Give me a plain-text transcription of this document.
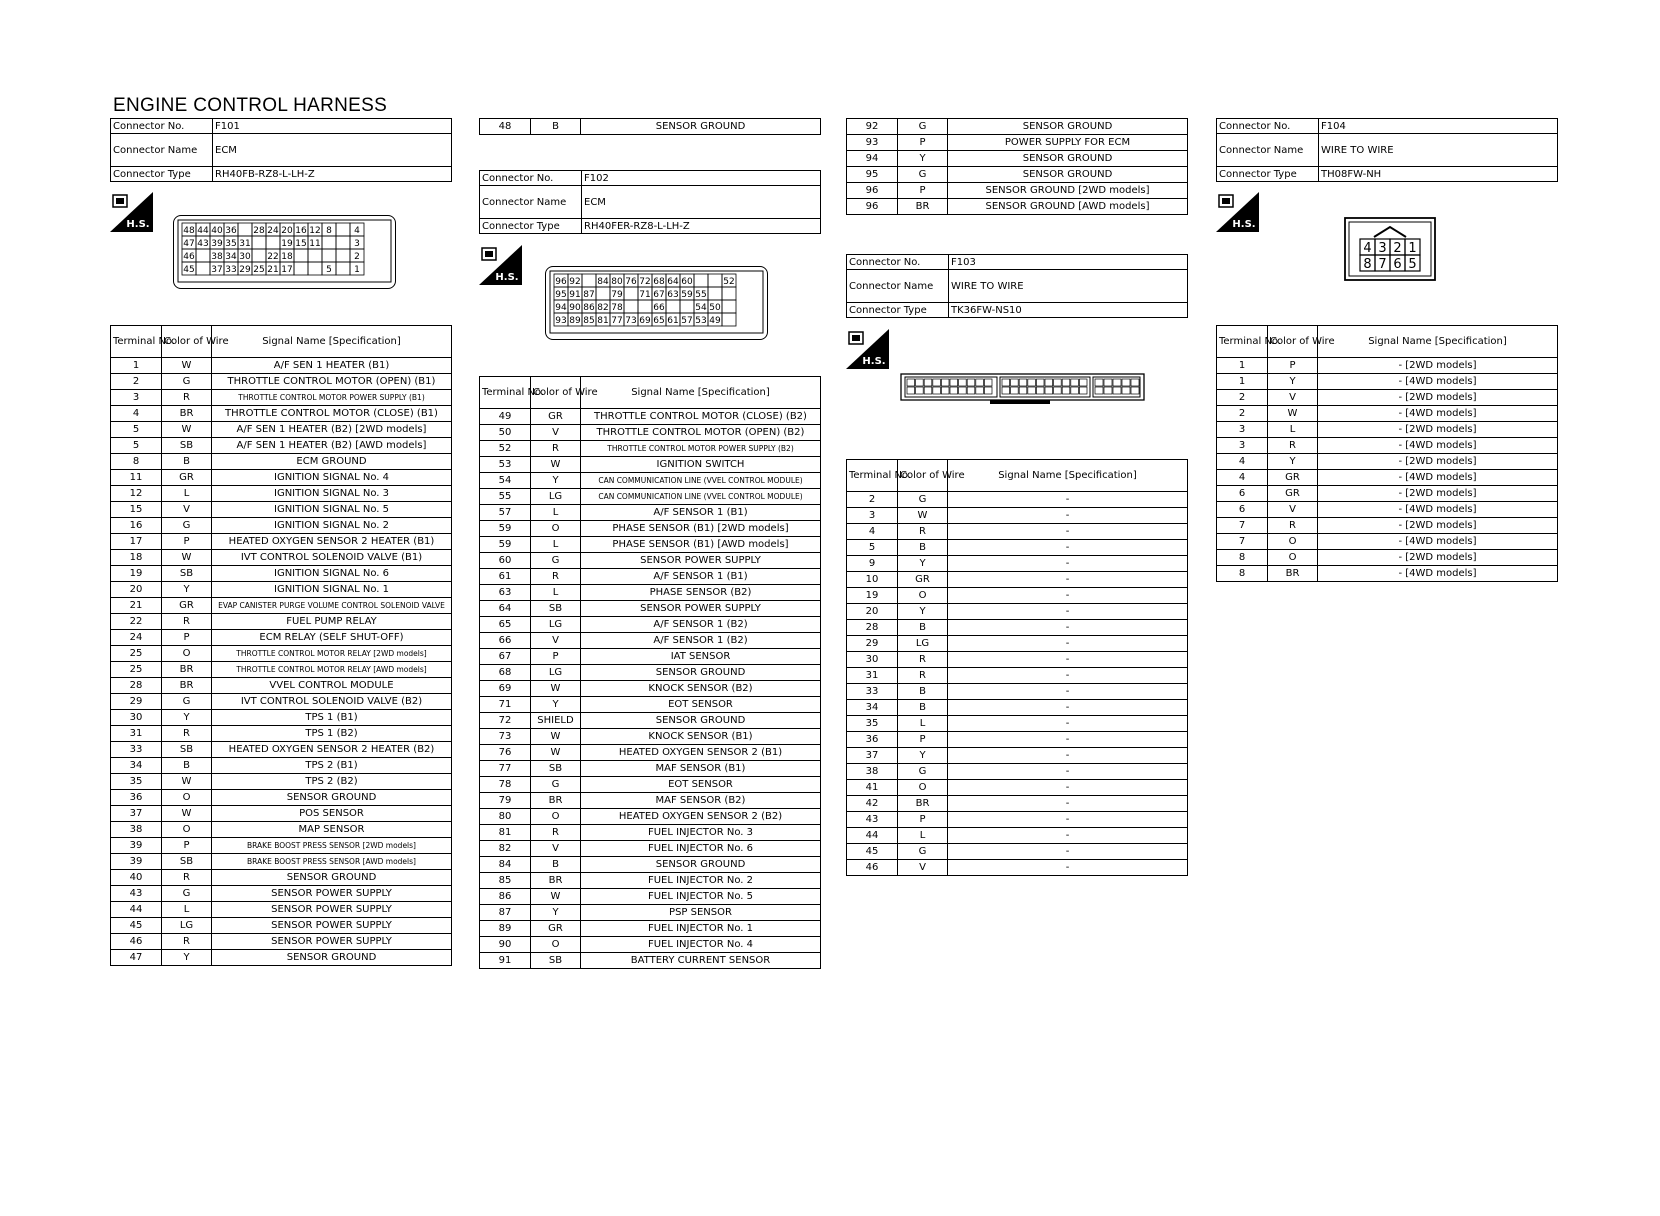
ENGINE CONTROL HARNESS
Connector No.	F101
Connector Name	ECM
Connector Type	RH40FB-RZ8-L-LH-Z
H.S.
48 44 40 36 28 24 20 16 12 8 4
47 43 39 35 31	19 15 11	3
46 38 34 30 22 18	2
45 37 33 29 25 21 17	5 1
Terminal No.	Color of Wire	Signal Name [Specification]
1	W	A/F SEN 1 HEATER (B1)
2	G	THROTTLE CONTROL MOTOR (OPEN) (B1)
3	R	THROTTLE CONTROL MOTOR POWER SUPPLY (B1)
4	BR	THROTTLE CONTROL MOTOR (CLOSE) (B1)
5	W	A/F SEN 1 HEATER (B2) [2WD models]
5	SB	A/F SEN 1 HEATER (B2) [AWD models]
8	B	ECM GROUND
11	GR	IGNITION SIGNAL No. 4
12	L	IGNITION SIGNAL No. 3
15	V	IGNITION SIGNAL No. 5
16	G	IGNITION SIGNAL No. 2
17	P	HEATED OXYGEN SENSOR 2 HEATER (B1)
18	W	IVT CONTROL SOLENOID VALVE (B1)
19	SB	IGNITION SIGNAL No. 6
20	Y	IGNITION SIGNAL No. 1
21	GR	EVAP CANISTER PURGE VOLUME CONTROL SOLENOID VALVE
22	R	FUEL PUMP RELAY
24	P	ECM RELAY (SELF SHUT-OFF)
25	O	THROTTLE CONTROL MOTOR RELAY [2WD models]
25	BR	THROTTLE CONTROL MOTOR RELAY [AWD models]
28	BR	VVEL CONTROL MODULE
29	G	IVT CONTROL SOLENOID VALVE (B2)
30	Y	TPS 1 (B1)
31	R	TPS 1 (B2)
33	SB	HEATED OXYGEN SENSOR 2 HEATER (B2)
34	B	TPS 2 (B1)
35	W	TPS 2 (B2)
36	O	SENSOR GROUND
37	W	POS SENSOR
38	O	MAP SENSOR
39	P	BRAKE BOOST PRESS SENSOR [2WD models]
39	SB	BRAKE BOOST PRESS SENSOR [AWD models]
40	R	SENSOR GROUND
43	G	SENSOR POWER SUPPLY
44	L	SENSOR POWER SUPPLY
45	LG	SENSOR POWER SUPPLY
46	R	SENSOR POWER SUPPLY
47	Y	SENSOR GROUND
48	B	SENSOR GROUND
Connector No.	F102
Connector Name	ECM
Connector Type	RH40FER-RZ8-L-LH-Z
H.S.	96 92 84 80 76 72 68 64 60	52
95 91 87 79 71 67 63 59 55
94 90 86 82 78	66	54 50
93 89 85 81 77 73 69 65 61 57 53 49
Terminal No.	Color of Wire	Signal Name [Specification]
49	GR	THROTTLE CONTROL MOTOR (CLOSE) (B2)
50	V	THROTTLE CONTROL MOTOR (OPEN) (B2)
52	R	THROTTLE CONTROL MOTOR POWER SUPPLY (B2)
53	W	IGNITION SWITCH
54	Y	CAN COMMUNICATION LINE (VVEL CONTROL MODULE)
55	LG	CAN COMMUNICATION LINE (VVEL CONTROL MODULE)
57	L	A/F SENSOR 1 (B1)
59	O	PHASE SENSOR (B1) [2WD models]
59	L	PHASE SENSOR (B1) [AWD models]
60	G	SENSOR POWER SUPPLY
61	R	A/F SENSOR 1 (B1)
63	L	PHASE SENSOR (B2)
64	SB	SENSOR POWER SUPPLY
65	LG	A/F SENSOR 1 (B2)
66	V	A/F SENSOR 1 (B2)
67	P	IAT SENSOR
68	LG	SENSOR GROUND
69	W	KNOCK SENSOR (B2)
71	Y	EOT SENSOR
72	SHIELD	SENSOR GROUND
73	W	KNOCK SENSOR (B1)
76	W	HEATED OXYGEN SENSOR 2 (B1)
77	SB	MAF SENSOR (B1)
78	G	EOT SENSOR
79	BR	MAF SENSOR (B2)
80	O	HEATED OXYGEN SENSOR 2 (B2)
81	R	FUEL INJECTOR No. 3
82	V	FUEL INJECTOR No. 6
84	B	SENSOR GROUND
85	BR	FUEL INJECTOR No. 2
86	W	FUEL INJECTOR No. 5
87	Y	PSP SENSOR
89	GR	FUEL INJECTOR No. 1
90	O	FUEL INJECTOR No. 4
91	SB	BATTERY CURRENT SENSOR
92	G	SENSOR GROUND
93	P	POWER SUPPLY FOR ECM
94	Y	SENSOR GROUND
95	G	SENSOR GROUND
96	P	SENSOR GROUND [2WD models]
96	BR	SENSOR GROUND [AWD models]
Connector No.	F103
Connector Name	WIRE TO WIRE
Connector Type	TK36FW-NS10
H.S.
Terminal No.	Color of Wire	Signal Name [Specification]
2	G	-
3	W	-
4	R	-
5	B	-
9	Y	-
10	GR	-
19	O	-
20	Y	-
28	B	-
29	LG	-
30	R	-
31	R	-
33	B	-
34	B	-
35	L	-
36	P	-
37	Y	-
38	G	-
41	O	-
42	BR	-
43	P	-
44	L	-
45	G	-
46	V	-
Connector No.	F104
Connector Name	WIRE TO WIRE
Connector Type	TH08FW-NH
H.S.
4 3 2 1
8 7 6 5
Terminal No.	Color of Wire	Signal Name [Specification]
1	P	- [2WD models]
1	Y	- [4WD models]
2	V	- [2WD models]
2	W	- [4WD models]
3	L	- [2WD models]
3	R	- [4WD models]
4	Y	- [2WD models]
4	GR	- [4WD models]
6	GR	- [2WD models]
6	V	- [4WD models]
7	R	- [2WD models]
7	O	- [4WD models]
8	O	- [2WD models]
8	BR	- [4WD models]
